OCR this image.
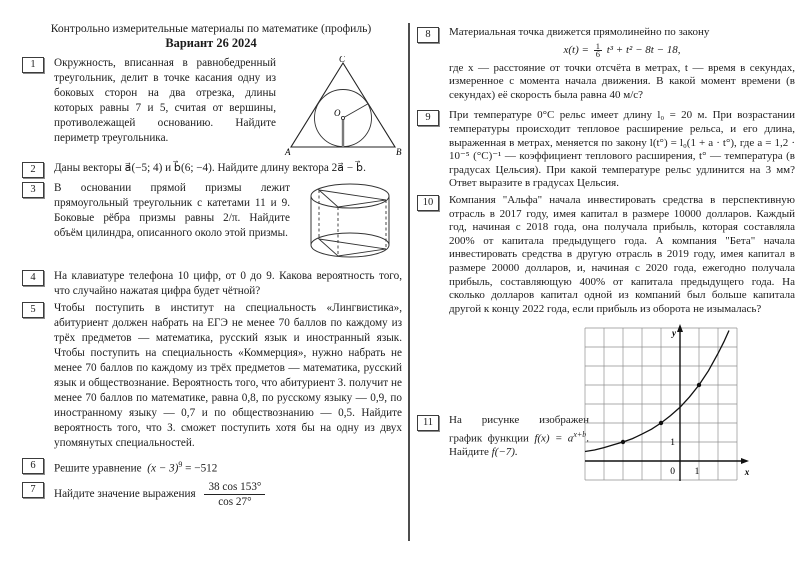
Контрольно измерительные материалы по математике (профиль)
Вариант 26 2024
1
A	B
C
O
Окружность, вписанная в равнобедренный треугольник, делит в точке касания одну из боковых сторон на два отрезка, длины которых равны 7 и 5, считая от вершины, противолежащей основанию. Найдите периметр треугольника.
2	Даны векторы a⃗(−5; 4) и b⃗(6; −4). Найдите длину вектора 2a⃗ − b⃗.
3	В основании прямой призмы лежит прямоугольный треугольник с катетами 11 и 9. Боковые рёбра призмы равны 2/π. Найдите объём цилиндра, описанного около этой призмы.
4	На клавиатуре телефона 10 цифр, от 0 до 9. Какова вероятность того, что случайно нажатая цифра будет чётной?
5	Чтобы поступить в институт на специальность «Лингвистика», абитуриент должен набрать на ЕГЭ не менее 70 баллов по каждому из трёх предметов — математика, русский язык и иностранный язык. Чтобы поступить на специальность «Коммерция», нужно набрать не менее 70 баллов по каждому из трёх предметов — математика, русский язык и обществознание. Вероятность того, что абитуриент З. получит не менее 70 баллов по математике, равна 0,8, по русскому языку — 0,9, по иностранному языку — 0,7 и по обществознанию — 0,5. Найдите вероятность того, что З. сможет поступить хотя бы на одну из двух упомянутых специальностей.
6	Решите уравнение $(x - 3)^9 = -512$
7	Найдите значение выражения $\frac{38 \cos 153^\circ}{\cos 27^\circ}$
8	Материальная точка движется прямолинейно по закону
$x(t) = \frac{1}{6} t^3 + t^2 - 8t - 18$,
где x — расстояние от точки отсчёта в метрах, t — время в секундах, измеренное с момента начала движения. В какой момент времени (в секундах) её скорость была равна 40 м/с?
9	При температуре 0°C рельс имеет длину l₀ = 20 м. При возрастании температуры происходит тепловое расширение рельса, и его длина, выраженная в метрах, меняется по закону l(t°) = l₀(1 + a · t°), где a = 1,2 · 10⁻⁵ (°C)⁻¹ — коэффициент теплового расширения, t° — температура (в градусах Цельсия). При какой температуре рельс удлинится на 3 мм? Ответ выразите в градусах Цельсия.
10	Компания "Альфа" начала инвестировать средства в перспективную отрасль в 2017 году, имея капитал в размере 10000 долларов. Каждый год, начиная с 2018 года, она получала прибыль, которая составляла 200% от капитала предыдущего года. А компания "Бета" начала инвестировать средства в другую отрасль в 2019 году, имея капитал в размере 20000 долларов, и, начиная с 2020 года, ежегодно получала прибыль, составляющую 400% от капитала предыдущего года. На сколько долларов капитал одной из компаний был больше капитала другой к концу 2022 года, если прибыль из оборота не изымалась?
11	На рисунке изображен график функции $f(x) = a^{x+b}$. Найдите f(−7).
y
x
0 1
1
